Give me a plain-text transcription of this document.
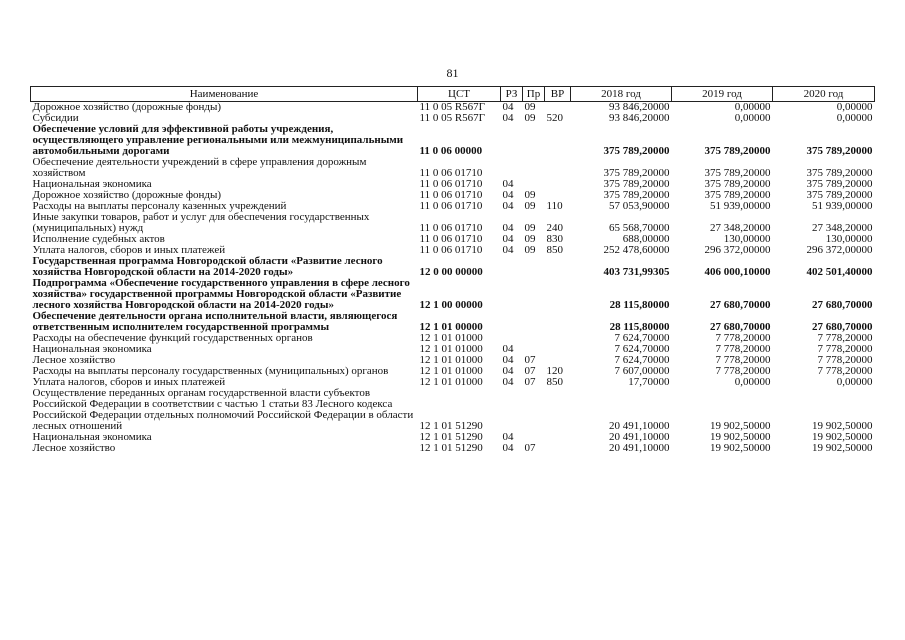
81
Наименование	ЦСТ	РЗ	Пр	ВР	2018 год	2019 год	2020 год
Дорожное хозяйство (дорожные фонды)	11 0 05 R567Г	04	09		93 846,20000	0,00000	0,00000
Субсидии	11 0 05 R567Г	04	09	520	93 846,20000	0,00000	0,00000
Обеспечение условий для эффективной работы учреждения, осуществляющего управление региональными или межмуниципальными автомобильными дорогами	11 0 06 00000				375 789,20000	375 789,20000	375 789,20000
Обеспечение деятельности учреждений в сфере управления дорожным хозяйством	11 0 06 01710				375 789,20000	375 789,20000	375 789,20000
Национальная экономика	11 0 06 01710	04			375 789,20000	375 789,20000	375 789,20000
Дорожное хозяйство (дорожные фонды)	11 0 06 01710	04	09		375 789,20000	375 789,20000	375 789,20000
Расходы на выплаты персоналу казенных учреждений	11 0 06 01710	04	09	110	57 053,90000	51 939,00000	51 939,00000
Иные закупки товаров, работ и услуг для обеспечения государственных (муниципальных) нужд	11 0 06 01710	04	09	240	65 568,70000	27 348,20000	27 348,20000
Исполнение судебных актов	11 0 06 01710	04	09	830	688,00000	130,00000	130,00000
Уплата налогов, сборов и иных платежей	11 0 06 01710	04	09	850	252 478,60000	296 372,00000	296 372,00000
Государственная программа Новгородской области «Развитие лесного хозяйства Новгородской области на 2014-2020 годы»	12 0 00 00000				403 731,99305	406 000,10000	402 501,40000
Подпрограмма «Обеспечение государственного управления в сфере лесного хозяйства» государственной программы Новгородской области «Развитие лесного хозяйства Новгородской области на 2014-2020 годы»	12 1 00 00000				28 115,80000	27 680,70000	27 680,70000
Обеспечение деятельности органа исполнительной власти, являющегося ответственным исполнителем государственной программы	12 1 01 00000				28 115,80000	27 680,70000	27 680,70000
Расходы на обеспечение функций государственных органов	12 1 01 01000				7 624,70000	7 778,20000	7 778,20000
Национальная экономика	12 1 01 01000	04			7 624,70000	7 778,20000	7 778,20000
Лесное хозяйство	12 1 01 01000	04	07		7 624,70000	7 778,20000	7 778,20000
Расходы на выплаты персоналу государственных (муниципальных) органов	12 1 01 01000	04	07	120	7 607,00000	7 778,20000	7 778,20000
Уплата налогов, сборов и иных платежей	12 1 01 01000	04	07	850	17,70000	0,00000	0,00000
Осуществление переданных органам государственной власти субъектов Российской Федерации в соответствии с частью 1 статьи 83 Лесного кодекса Российской Федерации отдельных полномочий Российской Федерации в области лесных отношений	12 1 01 51290				20 491,10000	19 902,50000	19 902,50000
Национальная экономика	12 1 01 51290	04			20 491,10000	19 902,50000	19 902,50000
Лесное хозяйство	12 1 01 51290	04	07		20 491,10000	19 902,50000	19 902,50000
